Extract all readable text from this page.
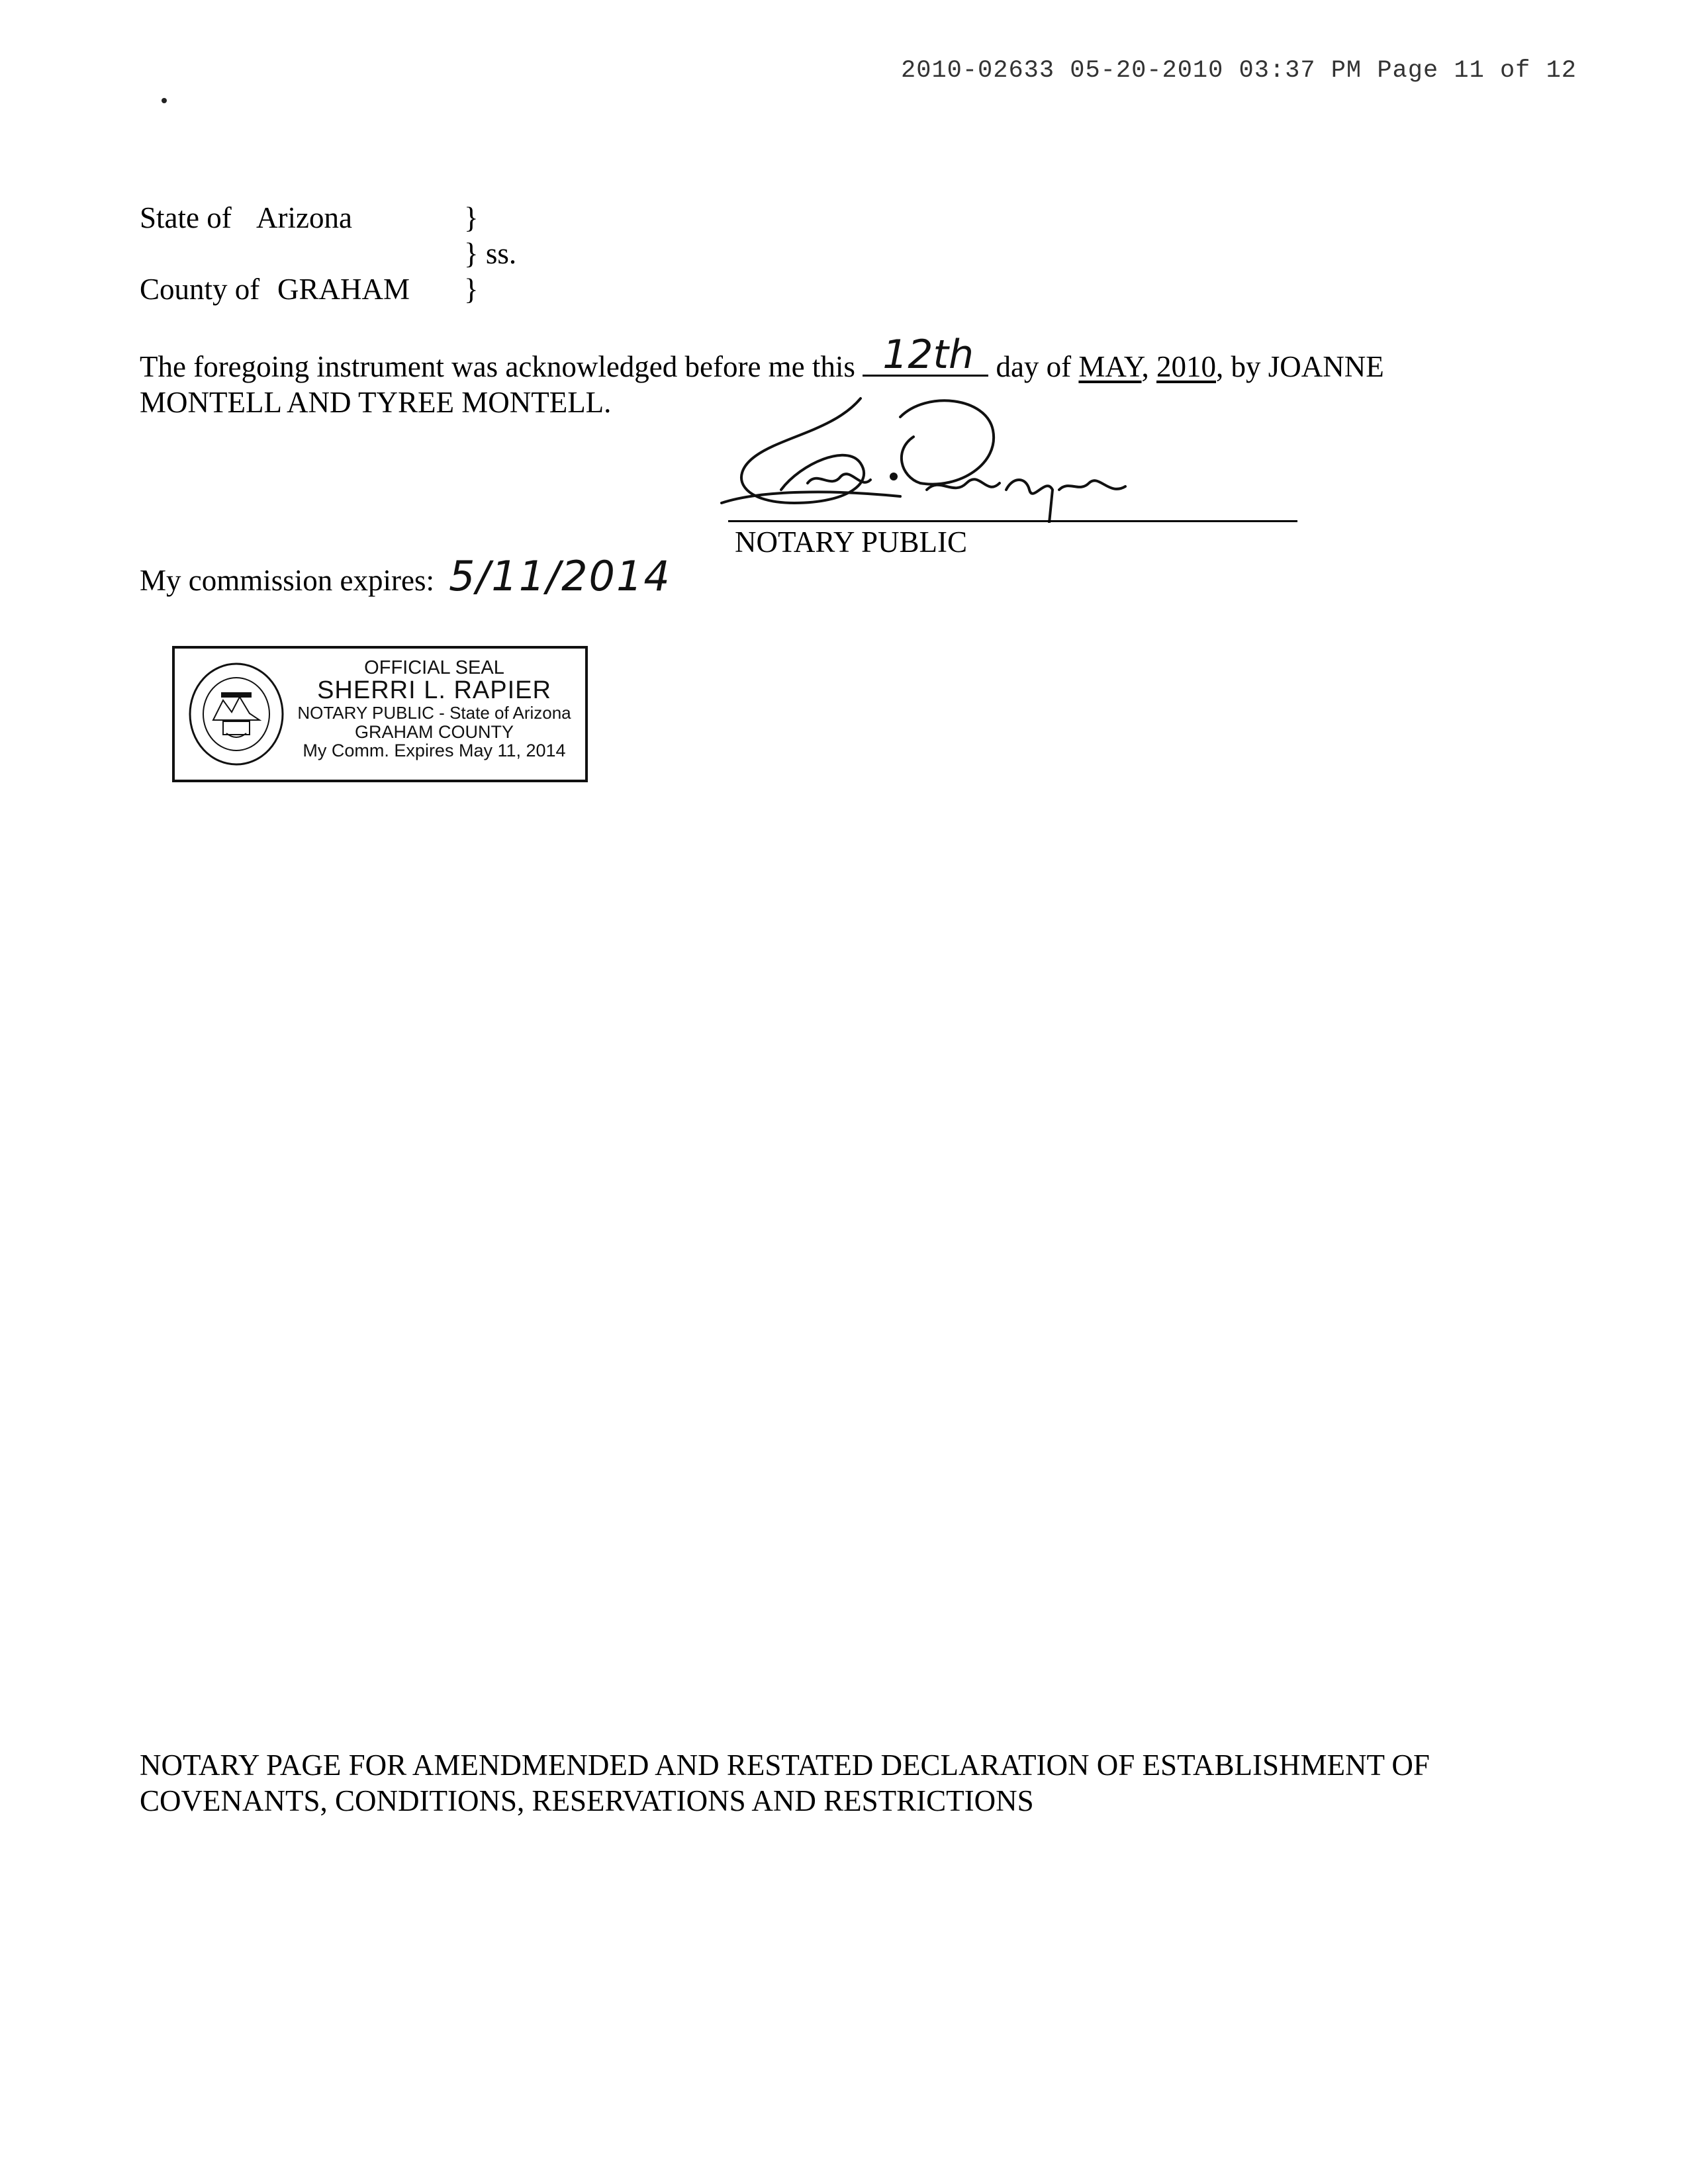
2010-02633 05-20-2010 03:37 PM Page 11 of 12
State of Arizona	}
} ss.
County of GRAHAM }
The foregoing instrument was acknowledged before me this 12th day of MAY, 2010, by JOANNE
MONTELL AND TYREE MONTELL.
NOTARY PUBLIC
My commission expires: 5/11/2014
OFFICIAL SEAL
SHERRI L. RAPIER
NOTARY PUBLIC - State of Arizona
GRAHAM COUNTY
My Comm. Expires May 11, 2014
NOTARY PAGE FOR AMENDMENDED AND RESTATED DECLARATION OF ESTABLISHMENT OF
COVENANTS, CONDITIONS, RESERVATIONS AND RESTRICTIONS
